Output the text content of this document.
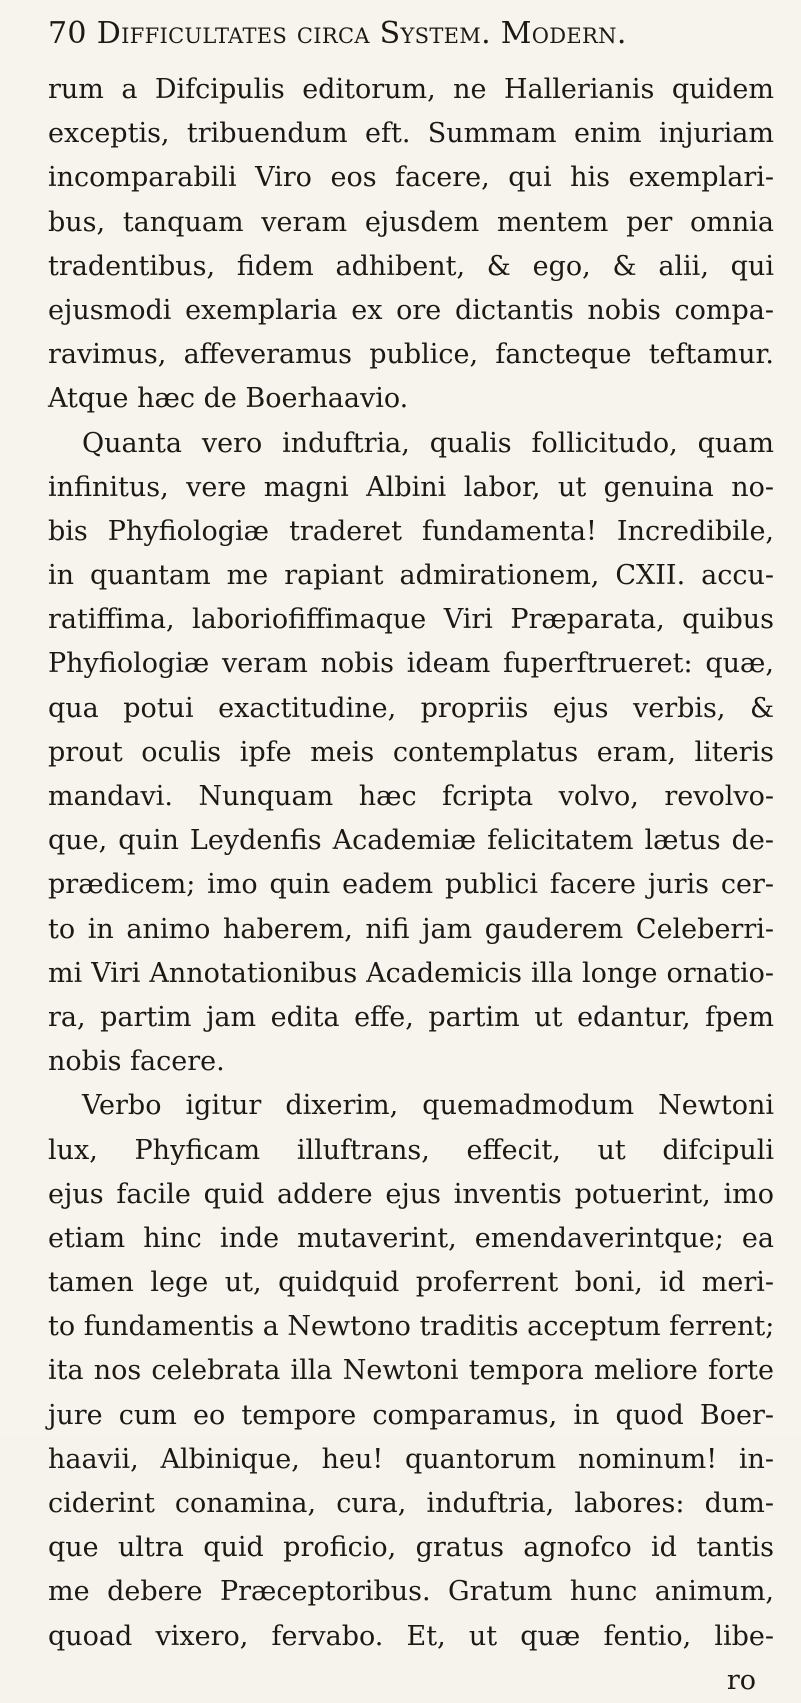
70 Difficultates circa System. Modern.
rum a Difcipulis editorum, ne Hallerianis quidem
exceptis, tribuendum eft. Summam enim injuriam
incomparabili Viro eos facere, qui his exemplari-
bus, tanquam veram ejusdem mentem per omnia
tradentibus, fidem adhibent, & ego, & alii, qui
ejusmodi exemplaria ex ore dictantis nobis compa-
ravimus, affeveramus publice, fancteque teftamur.
Atque hæc de Boerhaavio.
Quanta vero induftria, qualis follicitudo, quam
infinitus, vere magni Albini labor, ut genuina no-
bis Phyfiologiæ traderet fundamenta! Incredibile,
in quantam me rapiant admirationem, CXII. accu-
ratiffima, laboriofiffimaque Viri Præparata, quibus
Phyfiologiæ veram nobis ideam fuperftrueret: quæ,
qua potui exactitudine, propriis ejus verbis, &
prout oculis ipfe meis contemplatus eram, literis
mandavi. Nunquam hæc fcripta volvo, revolvo-
que, quin Leydenfis Academiæ felicitatem lætus de-
prædicem; imo quin eadem publici facere juris cer-
to in animo haberem, nifi jam gauderem Celeberri-
mi Viri Annotationibus Academicis illa longe ornatio-
ra, partim jam edita effe, partim ut edantur, fpem
nobis facere.
Verbo igitur dixerim, quemadmodum Newtoni
lux, Phyficam illuftrans, effecit, ut difcipuli
ejus facile quid addere ejus inventis potuerint, imo
etiam hinc inde mutaverint, emendaverintque; ea
tamen lege ut, quidquid proferrent boni, id meri-
to fundamentis a Newtono traditis acceptum ferrent;
ita nos celebrata illa Newtoni tempora meliore forte
jure cum eo tempore comparamus, in quod Boer-
haavii, Albinique, heu! quantorum nominum! in-
ciderint conamina, cura, induftria, labores: dum-
que ultra quid proficio, gratus agnofco id tantis
me debere Præceptoribus. Gratum hunc animum,
quoad vixero, fervabo. Et, ut quæ fentio, libe-
ro
